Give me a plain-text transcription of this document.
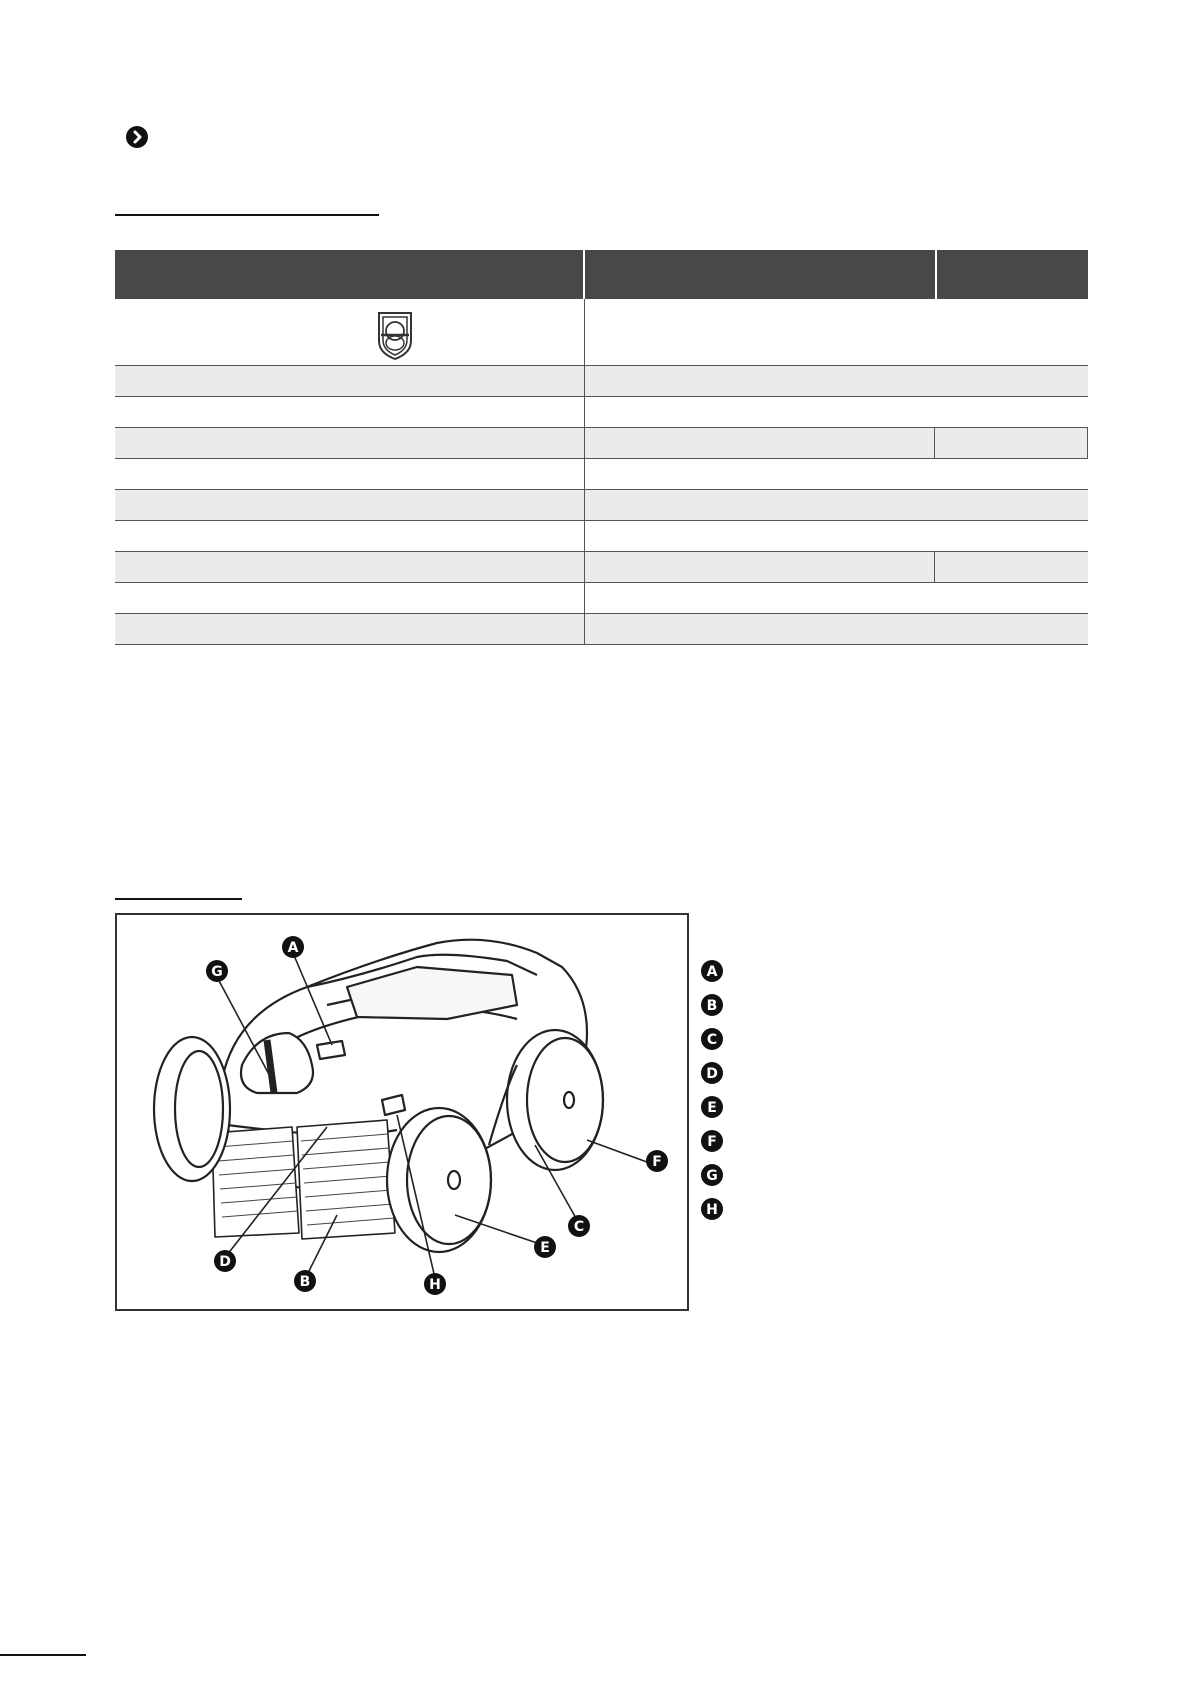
A
G
D
B	H
E
C
F
A
B
C
D
E
F
G
H
